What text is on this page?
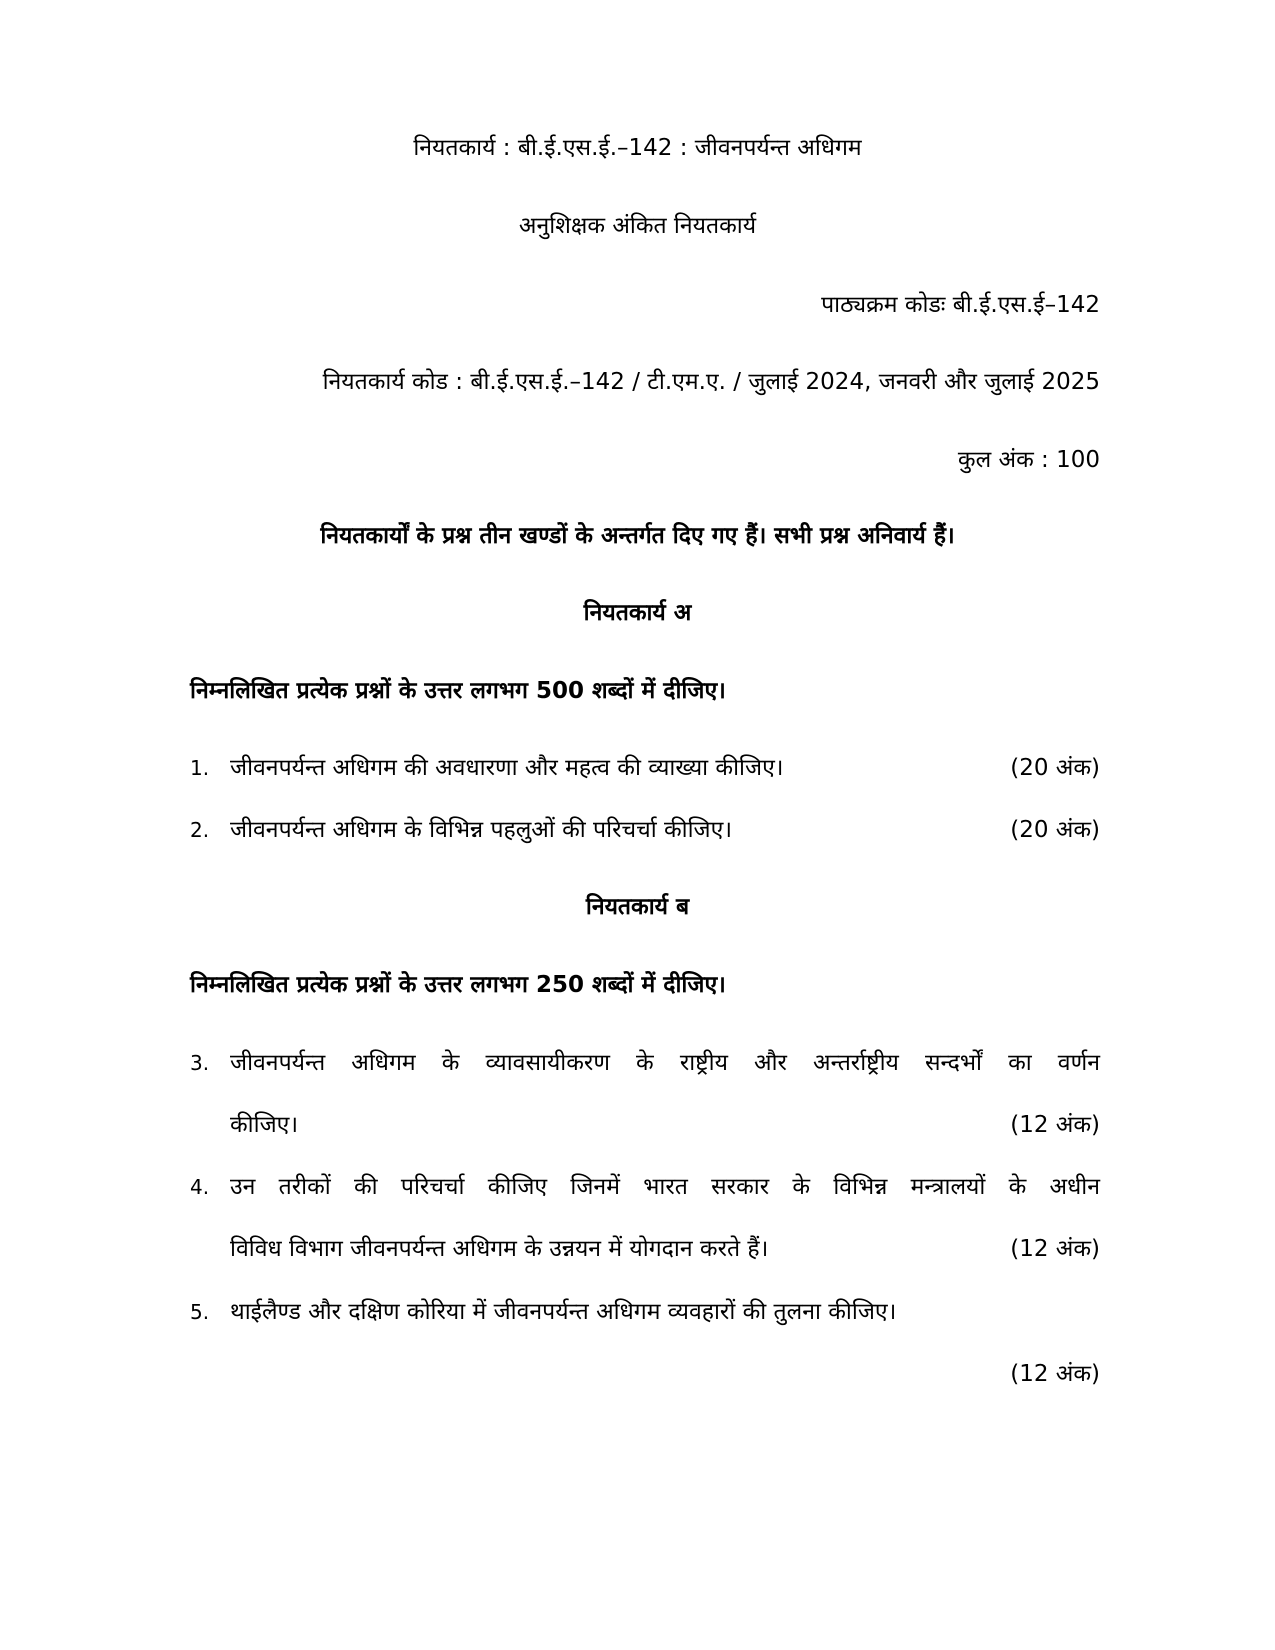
नियतकार्य : बी.ई.एस.ई.–142 : जीवनपर्यन्त अधिगम
अनुशिक्षक अंकित नियतकार्य
पाठ्यक्रम कोडः बी.ई.एस.ई–142
नियतकार्य कोड : बी.ई.एस.ई.–142 / टी.एम.ए. / जुलाई 2024, जनवरी और जुलाई 2025
कुल अंक : 100
नियतकार्यों के प्रश्न तीन खण्डों के अन्तर्गत दिए गए हैं। सभी प्रश्न अनिवार्य हैं।
नियतकार्य अ
निम्नलिखित प्रत्येक प्रश्नों के उत्तर लगभग 500 शब्दों में दीजिए।
1. जीवनपर्यन्त अधिगम की अवधारणा और महत्व की व्याख्या कीजिए।	(20 अंक)
2. जीवनपर्यन्त अधिगम के विभिन्न पहलुओं की परिचर्चा कीजिए।	(20 अंक)
नियतकार्य ब
निम्नलिखित प्रत्येक प्रश्नों के उत्तर लगभग 250 शब्दों में दीजिए।
3. जीवनपर्यन्त अधिगम के व्यावसायीकरण के राष्ट्रीय और अन्तर्राष्ट्रीय सन्दर्भों का वर्णन
कीजिए।	(12 अंक)
4. उन तरीकों की परिचर्चा कीजिए जिनमें भारत सरकार के विभिन्न मन्त्रालयों के अधीन
विविध विभाग जीवनपर्यन्त अधिगम के उन्नयन में योगदान करते हैं।	(12 अंक)
5. थाईलैण्ड और दक्षिण कोरिया में जीवनपर्यन्त अधिगम व्यवहारों की तुलना कीजिए।
(12 अंक)
